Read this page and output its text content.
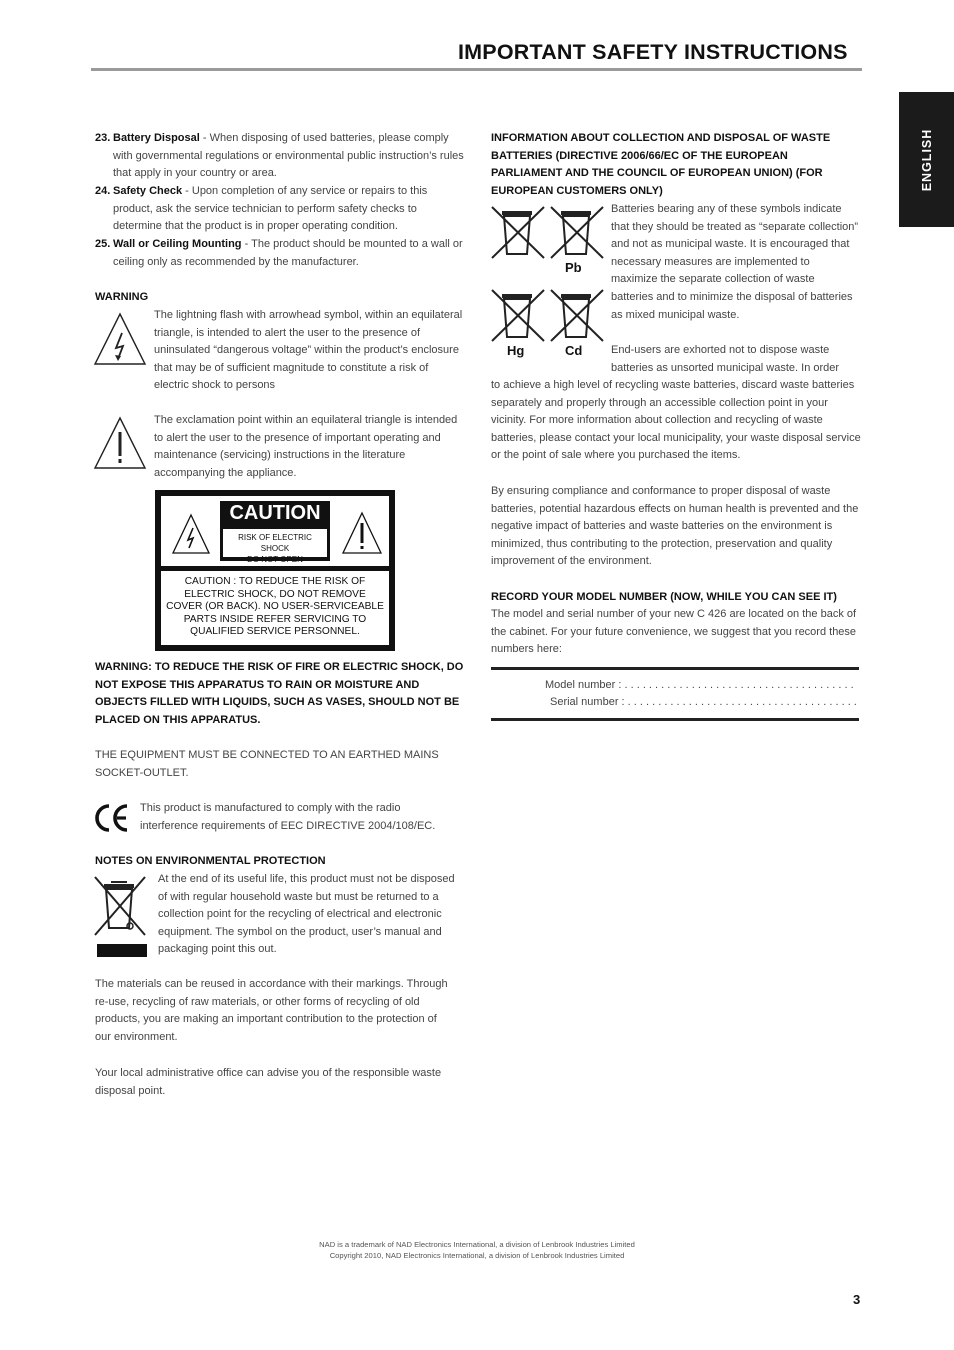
IMPORTANT SAFETY INSTRUCTIONS
ENGLISH
23. Battery Disposal - When disposing of used batteries, please comply with governmental regulations or environmental public instruction’s rules that apply in your country or area.
24. Safety Check - Upon completion of any service or repairs to this product, ask the service technician to perform safety checks to determine that the product is in proper operating condition.
25. Wall or Ceiling Mounting - The product should be mounted to a wall or ceiling only as recommended by the manufacturer.
WARNING
The lightning flash with arrowhead symbol, within an equilateral triangle, is intended to alert the user to the presence of uninsulated “dangerous voltage” within the product’s enclosure that may be of sufficient magnitude to constitute a risk of electric shock to persons
The exclamation point within an equilateral triangle is intended to alert the user to the presence of important operating and maintenance (servicing) instructions in the literature accompanying the appliance.
CAUTION
RISK OF ELECTRIC SHOCK
DO NOT OPEN
CAUTION : TO REDUCE THE RISK OF
ELECTRIC SHOCK, DO NOT REMOVE
COVER (OR BACK). NO USER-SERVICEABLE
PARTS INSIDE REFER SERVICING TO
QUALIFIED SERVICE PERSONNEL.
WARNING: TO REDUCE THE RISK OF FIRE OR ELECTRIC SHOCK, DO NOT EXPOSE THIS APPARATUS TO RAIN OR MOISTURE AND OBJECTS FILLED WITH LIQUIDS, SUCH AS VASES, SHOULD NOT BE PLACED ON THIS APPARATUS.
THE EQUIPMENT MUST BE CONNECTED TO AN EARTHED MAINS SOCKET-OUTLET.
This product is manufactured to comply with the radio interference requirements of EEC DIRECTIVE 2004/108/EC.
NOTES ON ENVIRONMENTAL PROTECTION
At the end of its useful life, this product must not be disposed of with regular household waste but must be returned to a collection point for the recycling of electrical and electronic equipment. The symbol on the product, user’s manual and packaging point this out.
The materials can be reused in accordance with their markings. Through re-use, recycling of raw materials, or other forms of recycling of old products, you are making an important contribution to the protection of our environment.
Your local administrative office can advise you of the responsible waste disposal point.
INFORMATION ABOUT COLLECTION AND DISPOSAL OF WASTE BATTERIES (DIRECTIVE 2006/66/EC OF THE EUROPEAN PARLIAMENT AND THE COUNCIL OF EUROPEAN UNION) (FOR EUROPEAN CUSTOMERS ONLY)
Pb
Hg	Cd
Batteries bearing any of these symbols indicate that they should be treated as “separate collection” and not as municipal waste. It is encouraged that necessary measures are implemented to maximize the separate collection of waste batteries and to minimize the disposal of batteries as mixed municipal waste.
End-users are exhorted not to dispose waste batteries as unsorted municipal waste. In order
to achieve a high level of recycling waste batteries, discard waste batteries separately and properly through an accessible collection point in your vicinity. For more information about collection and recycling of waste batteries, please contact your local municipality, your waste disposal service or the point of sale where you purchased the items.
By ensuring compliance and conformance to proper disposal of waste batteries, potential hazardous effects on human health is prevented and the negative impact of batteries and waste batteries on the environment is minimized, thus contributing to the protection, preservation and quality improvement of the environment.
RECORD YOUR MODEL NUMBER (NOW, WHILE YOU CAN SEE IT)
The model and serial number of your new C 426 are located on the back of the cabinet. For your future convenience, we suggest that you record these numbers here:
Model number : . . . . . . . . . . . . . . . . . . . . . . . . . . . . . . . . . . . . . .
Serial number : . . . . . . . . . . . . . . . . . . . . . . . . . . . . . . . . . . . . . .
NAD is a trademark of NAD Electronics International, a division of Lenbrook Industries Limited
Copyright 2010, NAD Electronics International, a division of Lenbrook Industries Limited
3
